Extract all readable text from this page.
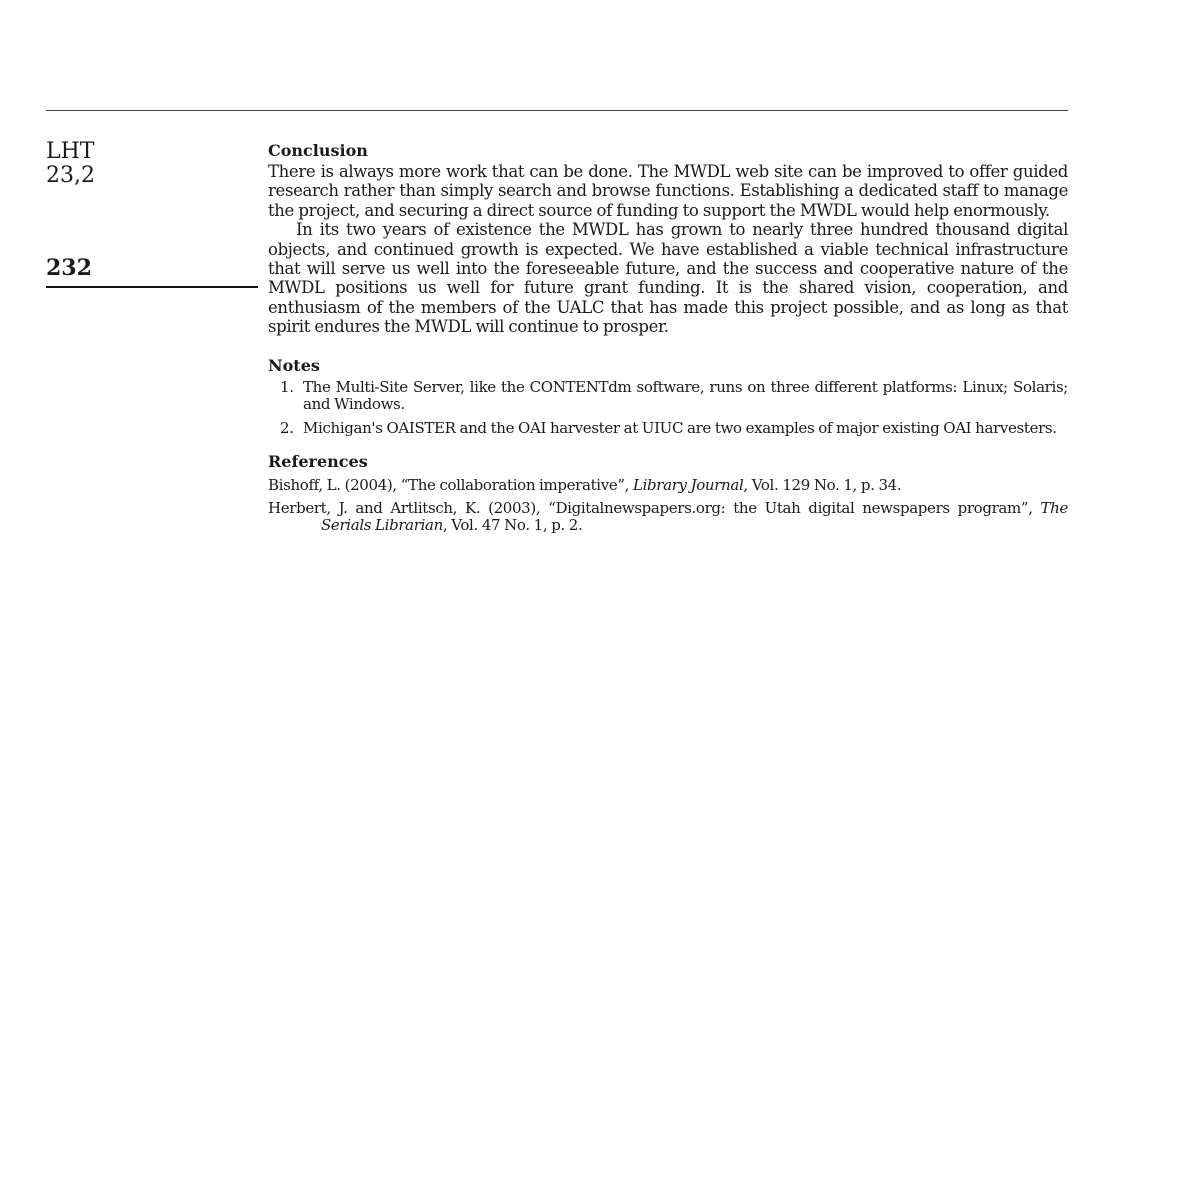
LHT
23,2
232
Conclusion

There is always more work that can be done. The MWDL web site can be improved to offer guided research rather than simply search and browse functions. Establishing a dedicated staff to manage the project, and securing a direct source of funding to support the MWDL would help enormously.

In its two years of existence the MWDL has grown to nearly three hundred thousand digital objects, and continued growth is expected. We have established a viable technical infrastructure that will serve us well into the foreseeable future, and the success and cooperative nature of the MWDL positions us well for future grant funding. It is the shared vision, cooperation, and enthusiasm of the members of the UALC that has made this project possible, and as long as that spirit endures the MWDL will continue to prosper.

Notes
1. The Multi-Site Server, like the CONTENTdm software, runs on three different platforms: Linux; Solaris; and Windows.
2. Michigan's OAISTER and the OAI harvester at UIUC are two examples of major existing OAI harvesters.
References

Bishoff, L. (2004), “The collaboration imperative”, Library Journal, Vol. 129 No. 1, p. 34.

Herbert, J. and Artlitsch, K. (2003), “Digitalnewspapers.org: the Utah digital newspapers program”, The Serials Librarian, Vol. 47 No. 1, p. 2.
